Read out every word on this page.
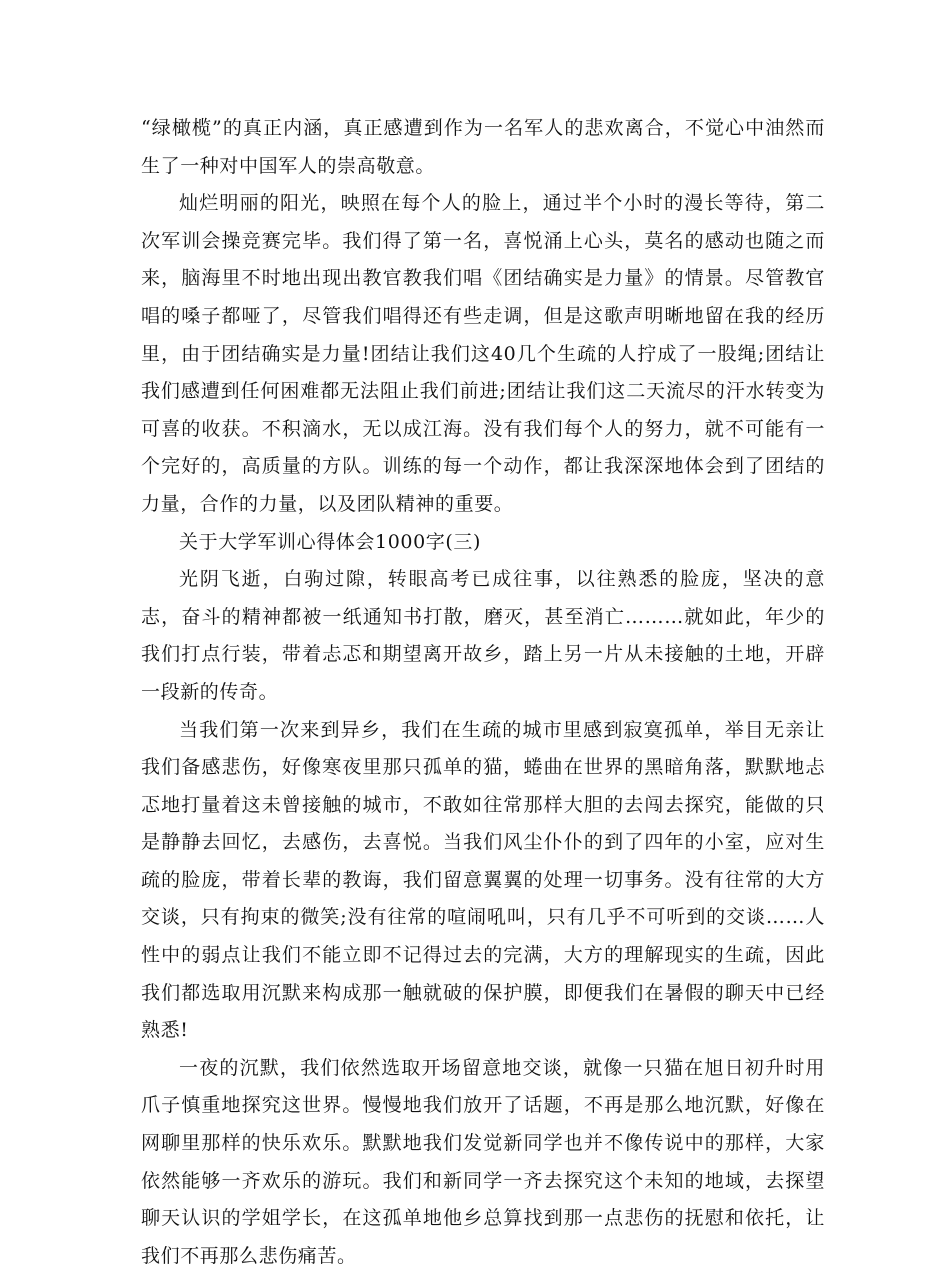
“绿橄榄”的真正内涵，真正感遭到作为一名军人的悲欢离合，不觉心中油然而生了一种对中国军人的崇高敬意。

灿烂明丽的阳光，映照在每个人的脸上，通过半个小时的漫长等待，第二次军训会操竞赛完毕。我们得了第一名，喜悦涌上心头，莫名的感动也随之而来，脑海里不时地出现出教官教我们唱《团结确实是力量》的情景。尽管教官唱的嗓子都哑了，尽管我们唱得还有些走调，但是这歌声明晰地留在我的经历里，由于团结确实是力量!团结让我们这40几个生疏的人拧成了一股绳;团结让我们感遭到任何困难都无法阻止我们前进;团结让我们这二天流尽的汗水转变为可喜的收获。不积滴水，无以成江海。没有我们每个人的努力，就不可能有一个完好的，高质量的方队。训练的每一个动作，都让我深深地体会到了团结的力量，合作的力量，以及团队精神的重要。

关于大学军训心得体会1000字(三)

光阴飞逝，白驹过隙，转眼高考已成往事，以往熟悉的脸庞，坚决的意志，奋斗的精神都被一纸通知书打散，磨灭，甚至消亡………就如此，年少的我们打点行装，带着忐忑和期望离开故乡，踏上另一片从未接触的土地，开辟一段新的传奇。

当我们第一次来到异乡，我们在生疏的城市里感到寂寞孤单，举目无亲让我们备感悲伤，好像寒夜里那只孤单的猫，蜷曲在世界的黑暗角落，默默地忐忑地打量着这未曾接触的城市，不敢如往常那样大胆的去闯去探究，能做的只是静静去回忆，去感伤，去喜悦。当我们风尘仆仆的到了四年的小室，应对生疏的脸庞，带着长辈的教诲，我们留意翼翼的处理一切事务。没有往常的大方交谈，只有拘束的微笑;没有往常的喧闹吼叫，只有几乎不可听到的交谈……人性中的弱点让我们不能立即不记得过去的完满，大方的理解现实的生疏，因此我们都选取用沉默来构成那一触就破的保护膜，即便我们在暑假的聊天中已经熟悉!

一夜的沉默，我们依然选取开场留意地交谈，就像一只猫在旭日初升时用爪子慎重地探究这世界。慢慢地我们放开了话题，不再是那么地沉默，好像在网聊里那样的快乐欢乐。默默地我们发觉新同学也并不像传说中的那样，大家依然能够一齐欢乐的游玩。我们和新同学一齐去探究这个未知的地域，去探望聊天认识的学姐学长，在这孤单地他乡总算找到那一点悲伤的抚慰和依托，让我们不再那么悲伤痛苦。
